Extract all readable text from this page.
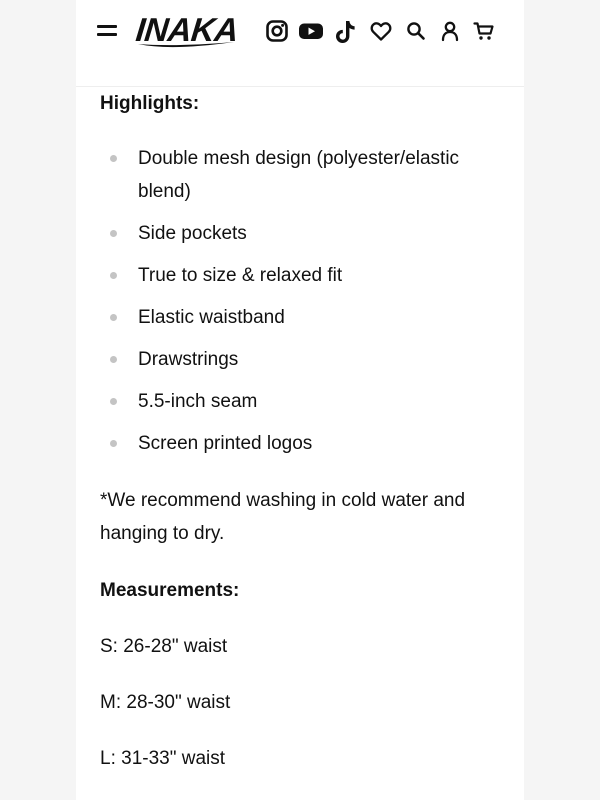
INAKA
Highlights:
Double mesh design (polyester/elastic blend)
Side pockets
True to size & relaxed fit
Elastic waistband
Drawstrings
5.5-inch seam
Screen printed logos

*We recommend washing in cold water and hanging to dry.

Measurements:

S: 26-28" waist

M: 28-30" waist

L: 31-33" waist
